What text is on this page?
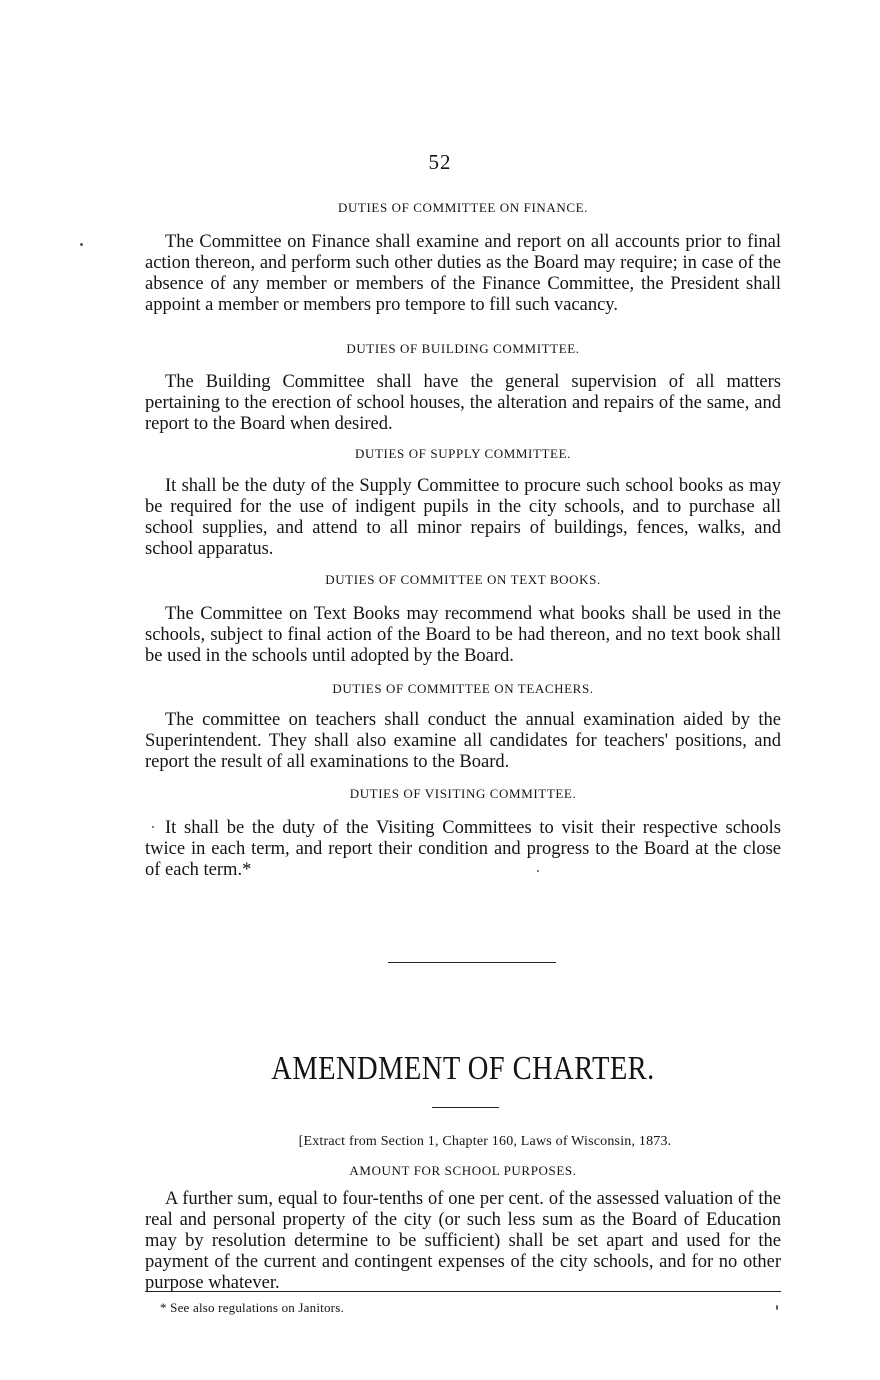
52
DUTIES OF COMMITTEE ON FINANCE.
The Committee on Finance shall examine and report on all accounts prior to final action thereon, and perform such other duties as the Board may require; in case of the absence of any member or members of the Finance Committee, the President shall appoint a member or members pro tempore to fill such vacancy.
DUTIES OF BUILDING COMMITTEE.
The Building Committee shall have the general supervision of all matters pertaining to the erection of school houses, the alteration and repairs of the same, and report to the Board when desired.
DUTIES OF SUPPLY COMMITTEE.
It shall be the duty of the Supply Committee to procure such school books as may be required for the use of indigent pupils in the city schools, and to purchase all school supplies, and attend to all minor repairs of buildings, fences, walks, and school apparatus.
DUTIES OF COMMITTEE ON TEXT BOOKS.
The Committee on Text Books may recommend what books shall be used in the schools, subject to final action of the Board to be had thereon, and no text book shall be used in the schools until adopted by the Board.
DUTIES OF COMMITTEE ON TEACHERS.
The committee on teachers shall conduct the annual examination aided by the Superintendent. They shall also examine all candidates for teachers' positions, and report the result of all examinations to the Board.
DUTIES OF VISITING COMMITTEE.
It shall be the duty of the Visiting Committees to visit their respective schools twice in each term, and report their condition and progress to the Board at the close of each term.*
AMENDMENT OF CHARTER.
[Extract from Section 1, Chapter 160, Laws of Wisconsin, 1873.
AMOUNT FOR SCHOOL PURPOSES.
A further sum, equal to four-tenths of one per cent. of the assessed valuation of the real and personal property of the city (or such less sum as the Board of Education may by resolution determine to be sufficient) shall be set apart and used for the payment of the current and contingent expenses of the city schools, and for no other purpose whatever.
* See also regulations on Janitors.
